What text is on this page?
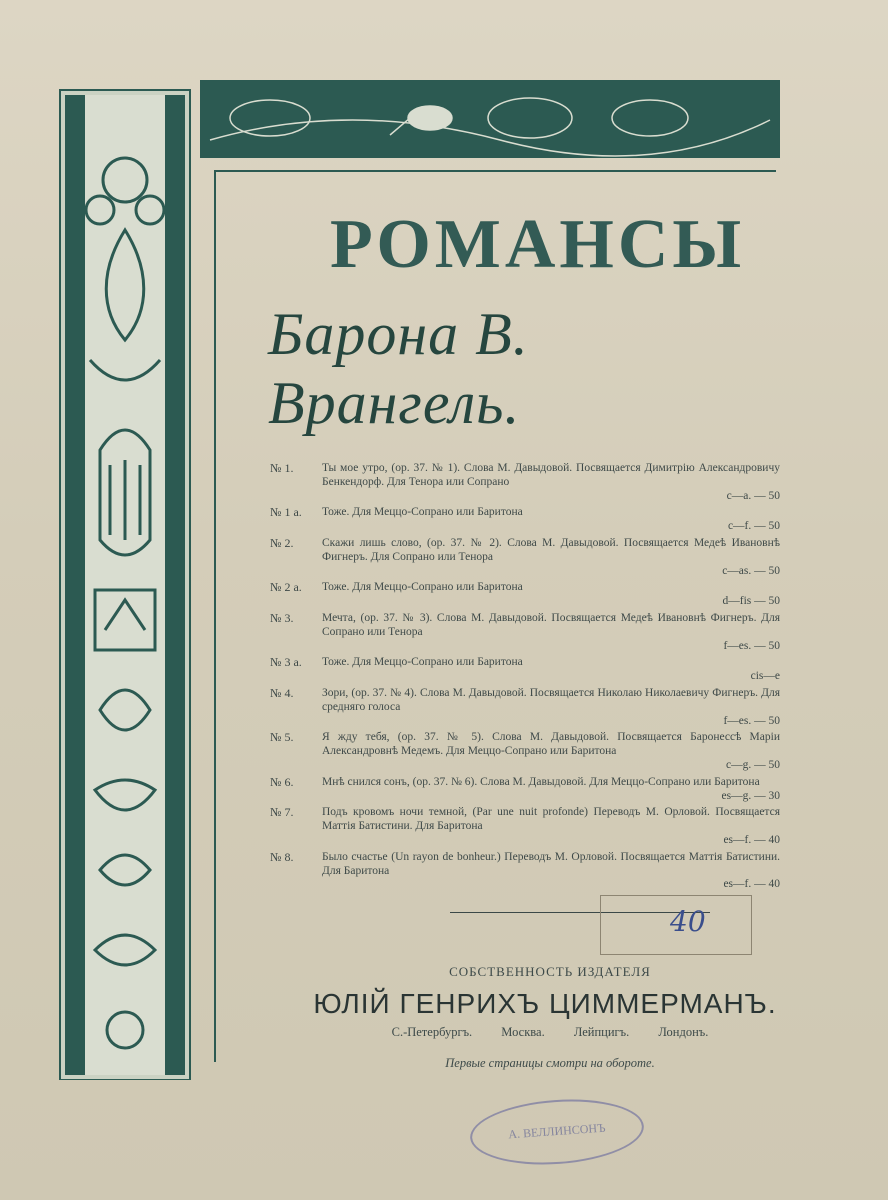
РОМАНСЫ
Барона В. Врангель.
№ 1.	Ты мое утро, (op. 37. № 1). Слова М. Давыдовой. Посвящается Димитрію Александровичу Бенкендорф. Для Тенора или Сопрано
c—a. — 50
№ 1 а.	Тоже. Для Меццо-Сопрано или Баритона
c—f. — 50
№ 2.	Скажи лишь слово, (op. 37. № 2). Слова М. Давыдовой. Посвящается Медеѣ Ивановнѣ Фигнеръ. Для Сопрано или Тенора
c—as. — 50
№ 2 а.	Тоже. Для Меццо-Сопрано или Баритона
d—fis — 50
№ 3.	Мечта, (op. 37. № 3). Слова М. Давыдовой. Посвящается Медеѣ Ивановнѣ Фигнеръ. Для Сопрано или Тенора
f—es. — 50
№ 3 а.	Тоже. Для Меццо-Сопрано или Баритона
cis—e
№ 4.	Зори, (op. 37. № 4). Слова М. Давыдовой. Посвящается Николаю Николаевичу Фигнеръ. Для средняго голоса
f—es. — 50
№ 5.	Я жду тебя, (op. 37. № 5). Слова М. Давыдовой. Посвящается Баронессѣ Маріи Александровнѣ Медемъ. Для Меццо-Сопрано или Баритона
c—g. — 50
№ 6.	Мнѣ снился сонъ, (op. 37. № 6). Слова М. Давыдовой. Для Меццо-Сопрано или Баритона
es—g. — 30
№ 7.	Подъ кровомъ ночи темной, (Par une nuit profonde) Переводъ М. Орловой. Посвящается Маттія Батистини. Для Баритона
es—f. — 40
№ 8.	Было счастье (Un rayon de bonheur.) Переводъ М. Орловой. Посвящается Маттія Батистини. Для Баритона
es—f. — 40
40
СОБСТВЕННОСТЬ ИЗДАТЕЛЯ
ЮЛІЙ ГЕНРИХЪ ЦИММЕРМАНЪ.
С.-Петербургъ. Москва. Лейпцигъ. Лондонъ.
Первые страницы смотри на обороте.
А. ВЕЛЛИНСОНЪ
